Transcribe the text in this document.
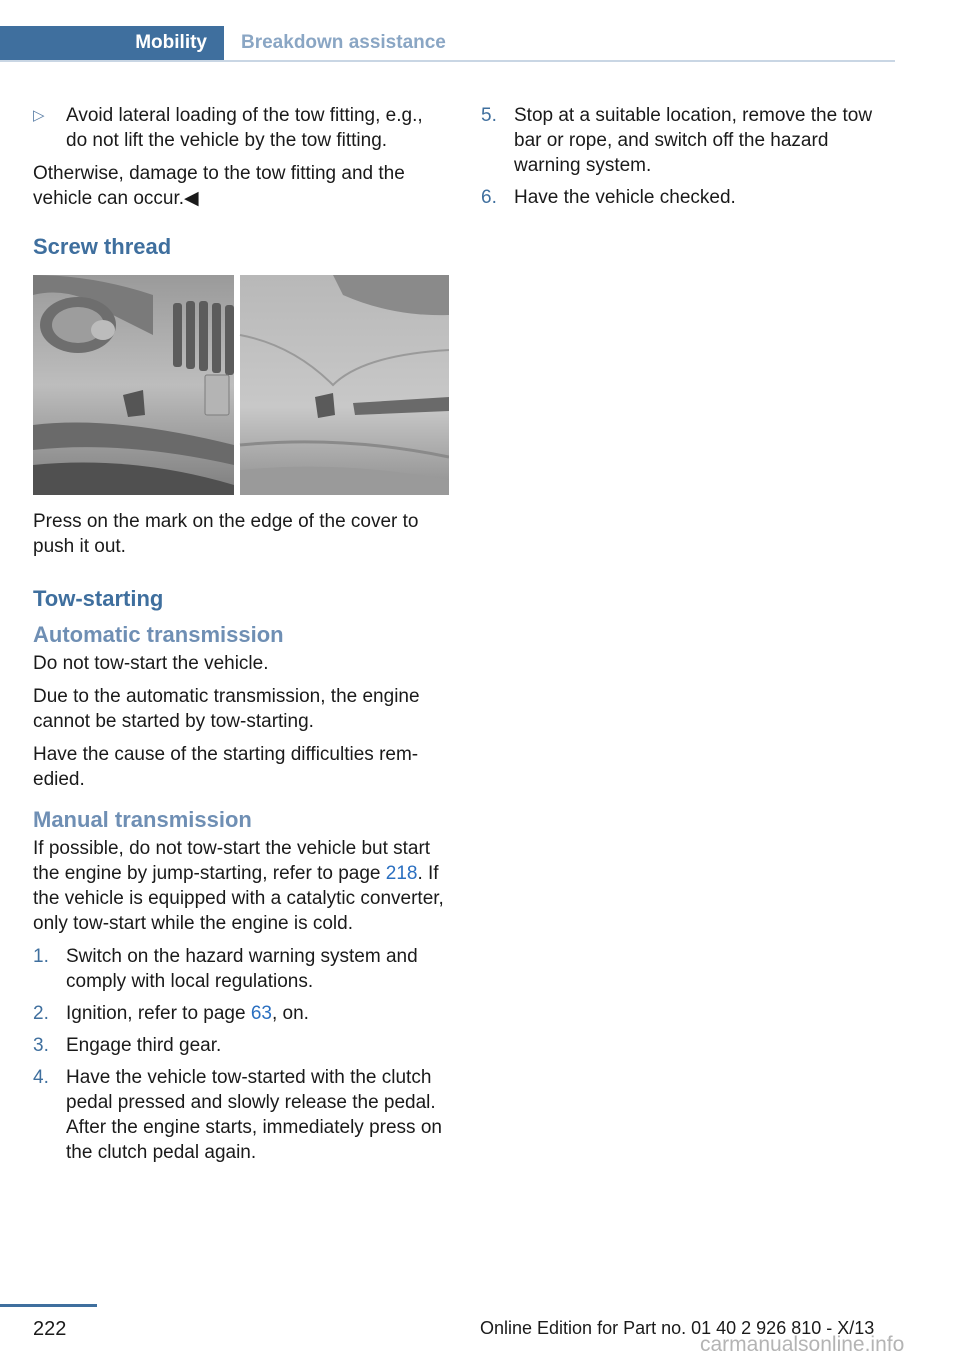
Mobility	Breakdown assistance
▷	Avoid lateral loading of the tow fitting, e.g., do not lift the vehicle by the tow fitting.

Otherwise, damage to the tow fitting and the vehicle can occur.◀

Screw thread

Press on the mark on the edge of the cover to push it out.

Tow-starting
Automatic transmission

Do not tow-start the vehicle.

Due to the automatic transmission, the engine cannot be started by tow-starting.

Have the cause of the starting difficulties remedied.

Manual transmission

If possible, do not tow-start the vehicle but start the engine by jump-starting, refer to page 218. If the vehicle is equipped with a catalytic converter, only tow-start while the engine is cold.

1. Switch on the hazard warning system and comply with local regulations.
2. Ignition, refer to page 63, on.
3. Engage third gear.
4. Have the vehicle tow-started with the clutch pedal pressed and slowly release the pedal. After the engine starts, immediately press on the clutch pedal again.
5. Stop at a suitable location, remove the tow bar or rope, and switch off the hazard warning system.
6. Have the vehicle checked.
222	Online Edition for Part no. 01 40 2 926 810 - X/13
carmanualsonline.info
